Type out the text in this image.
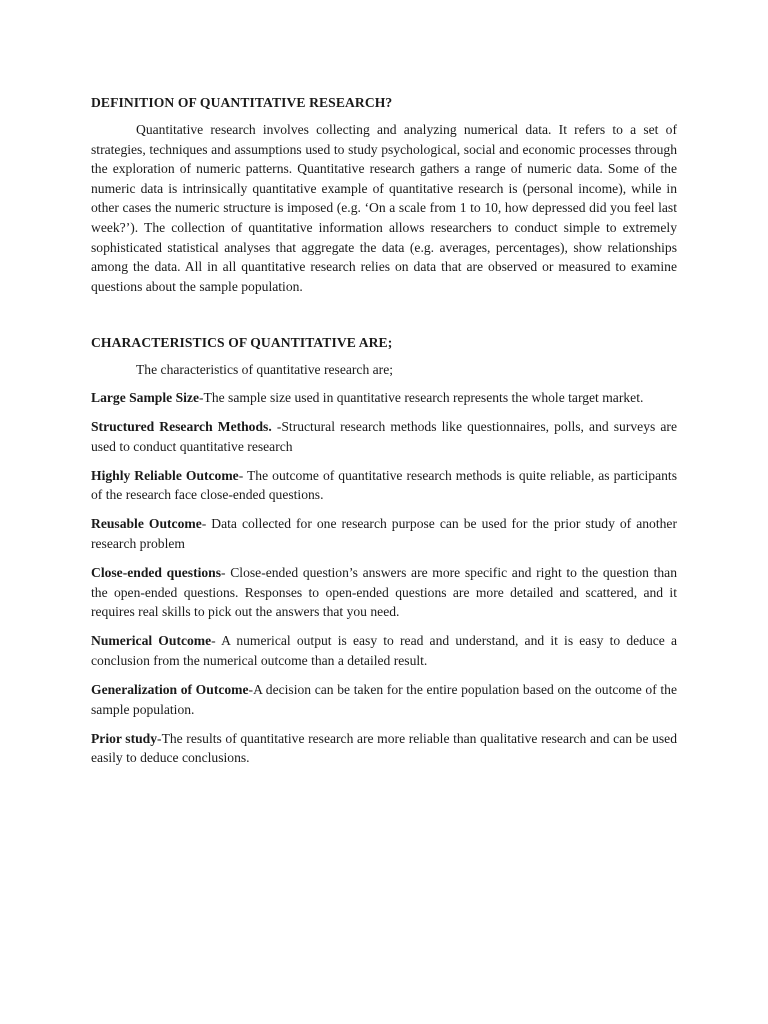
DEFINITION OF QUANTITATIVE RESEARCH?

Quantitative research involves collecting and analyzing numerical data. It refers to a set of strategies, techniques and assumptions used to study psychological, social and economic processes through the exploration of numeric patterns. Quantitative research gathers a range of numeric data. Some of the numeric data is intrinsically quantitative example of quantitative research is (personal income), while in other cases the numeric structure is imposed (e.g. ‘On a scale from 1 to 10, how depressed did you feel last week?’). The collection of quantitative information allows researchers to conduct simple to extremely sophisticated statistical analyses that aggregate the data (e.g. averages, percentages), show relationships among the data. All in all quantitative research relies on data that are observed or measured to examine questions about the sample population.

CHARACTERISTICS OF QUANTITATIVE ARE;

The characteristics of quantitative research are;

Large Sample Size-The sample size used in quantitative research represents the whole target market.

Structured Research Methods. -Structural research methods like questionnaires, polls, and surveys are used to conduct quantitative research

Highly Reliable Outcome- The outcome of quantitative research methods is quite reliable, as participants of the research face close-ended questions.

Reusable Outcome- Data collected for one research purpose can be used for the prior study of another research problem

Close-ended questions- Close-ended question’s answers are more specific and right to the question than the open-ended questions. Responses to open-ended questions are more detailed and scattered, and it requires real skills to pick out the answers that you need.

Numerical Outcome- A numerical output is easy to read and understand, and it is easy to deduce a conclusion from the numerical outcome than a detailed result.

Generalization of Outcome-A decision can be taken for the entire population based on the outcome of the sample population.

Prior study-The results of quantitative research are more reliable than qualitative research and can be used easily to deduce conclusions.
